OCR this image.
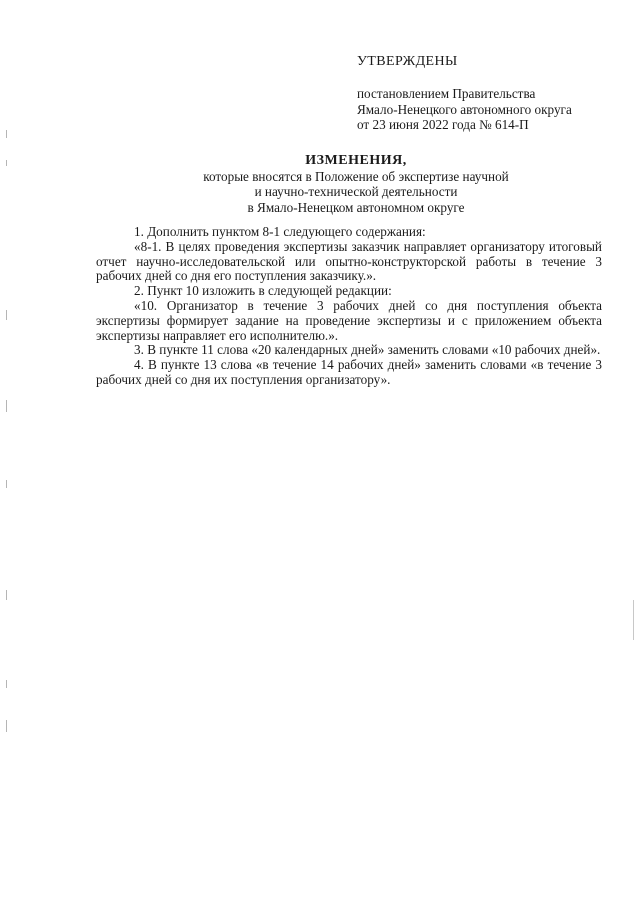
УТВЕРЖДЕНЫ
постановлением Правительства
Ямало-Ненецкого автономного округа
от 23 июня 2022 года № 614-П
ИЗМЕНЕНИЯ,
которые вносятся в Положение об экспертизе научной
и научно-технической деятельности
в Ямало-Ненецком автономном округе

1. Дополнить пунктом 8-1 следующего содержания:

«8-1. В целях проведения экспертизы заказчик направляет организатору итоговый отчет научно-исследовательской или опытно-конструкторской работы в течение 3 рабочих дней со дня его поступления заказчику.».

2. Пункт 10 изложить в следующей редакции:

«10. Организатор в течение 3 рабочих дней со дня поступления объекта экспертизы формирует задание на проведение экспертизы и с приложением объекта экспертизы направляет его исполнителю.».

3. В пункте 11 слова «20 календарных дней» заменить словами «10 рабочих дней».

4. В пункте 13 слова «в течение 14 рабочих дней» заменить словами «в течение 3 рабочих дней со дня их поступления организатору».
